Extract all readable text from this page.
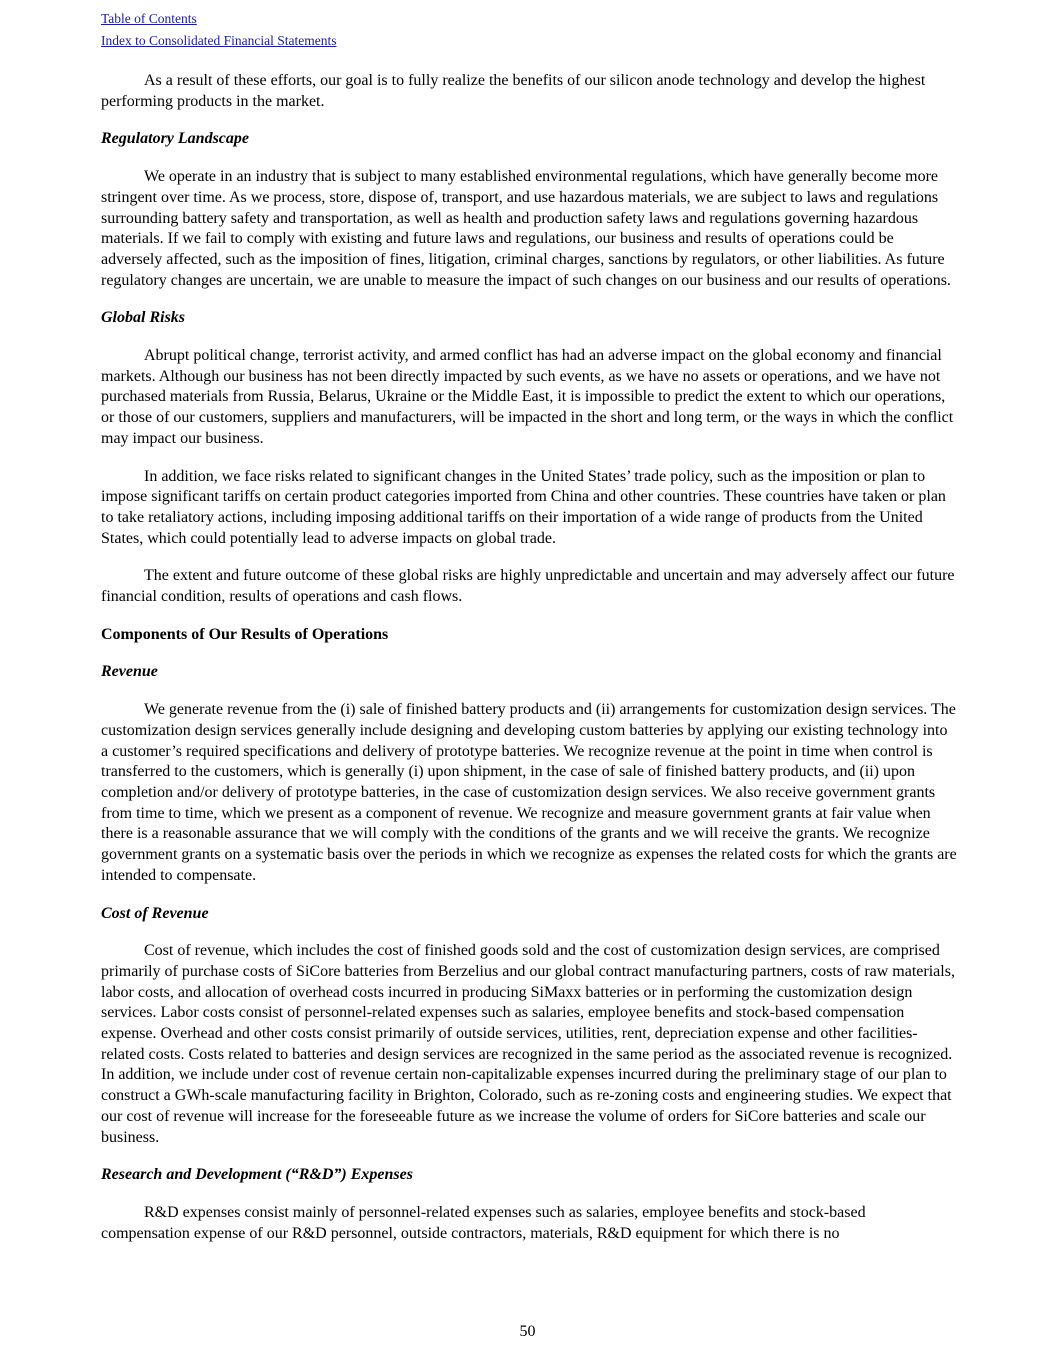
Table of Contents
Index to Consolidated Financial Statements

As a result of these efforts, our goal is to fully realize the benefits of our silicon anode technology and develop the highest performing products in the market.

Regulatory Landscape

We operate in an industry that is subject to many established environmental regulations, which have generally become more stringent over time. As we process, store, dispose of, transport, and use hazardous materials, we are subject to laws and regulations surrounding battery safety and transportation, as well as health and production safety laws and regulations governing hazardous materials. If we fail to comply with existing and future laws and regulations, our business and results of operations could be adversely affected, such as the imposition of fines, litigation, criminal charges, sanctions by regulators, or other liabilities. As future regulatory changes are uncertain, we are unable to measure the impact of such changes on our business and our results of operations.

Global Risks

Abrupt political change, terrorist activity, and armed conflict has had an adverse impact on the global economy and financial markets. Although our business has not been directly impacted by such events, as we have no assets or operations, and we have not purchased materials from Russia, Belarus, Ukraine or the Middle East, it is impossible to predict the extent to which our operations, or those of our customers, suppliers and manufacturers, will be impacted in the short and long term, or the ways in which the conflict may impact our business.

In addition, we face risks related to significant changes in the United States’ trade policy, such as the imposition or plan to impose significant tariffs on certain product categories imported from China and other countries. These countries have taken or plan to take retaliatory actions, including imposing additional tariffs on their importation of a wide range of products from the United States, which could potentially lead to adverse impacts on global trade.

The extent and future outcome of these global risks are highly unpredictable and uncertain and may adversely affect our future financial condition, results of operations and cash flows.

Components of Our Results of Operations
Revenue

We generate revenue from the (i) sale of finished battery products and (ii) arrangements for customization design services. The customization design services generally include designing and developing custom batteries by applying our existing technology into a customer’s required specifications and delivery of prototype batteries. We recognize revenue at the point in time when control is transferred to the customers, which is generally (i) upon shipment, in the case of sale of finished battery products, and (ii) upon completion and/or delivery of prototype batteries, in the case of customization design services. We also receive government grants from time to time, which we present as a component of revenue. We recognize and measure government grants at fair value when there is a reasonable assurance that we will comply with the conditions of the grants and we will receive the grants. We recognize government grants on a systematic basis over the periods in which we recognize as expenses the related costs for which the grants are intended to compensate.

Cost of Revenue

Cost of revenue, which includes the cost of finished goods sold and the cost of customization design services, are comprised primarily of purchase costs of SiCore batteries from Berzelius and our global contract manufacturing partners, costs of raw materials, labor costs, and allocation of overhead costs incurred in producing SiMaxx batteries or in performing the customization design services. Labor costs consist of personnel-related expenses such as salaries, employee benefits and stock-based compensation expense. Overhead and other costs consist primarily of outside services, utilities, rent, depreciation expense and other facilities-related costs. Costs related to batteries and design services are recognized in the same period as the associated revenue is recognized. In addition, we include under cost of revenue certain non-capitalizable expenses incurred during the preliminary stage of our plan to construct a GWh-scale manufacturing facility in Brighton, Colorado, such as re-zoning costs and engineering studies. We expect that our cost of revenue will increase for the foreseeable future as we increase the volume of orders for SiCore batteries and scale our business.

Research and Development (“R&D”) Expenses

R&D expenses consist mainly of personnel-related expenses such as salaries, employee benefits and stock-based compensation expense of our R&D personnel, outside contractors, materials, R&D equipment for which there is no

50
